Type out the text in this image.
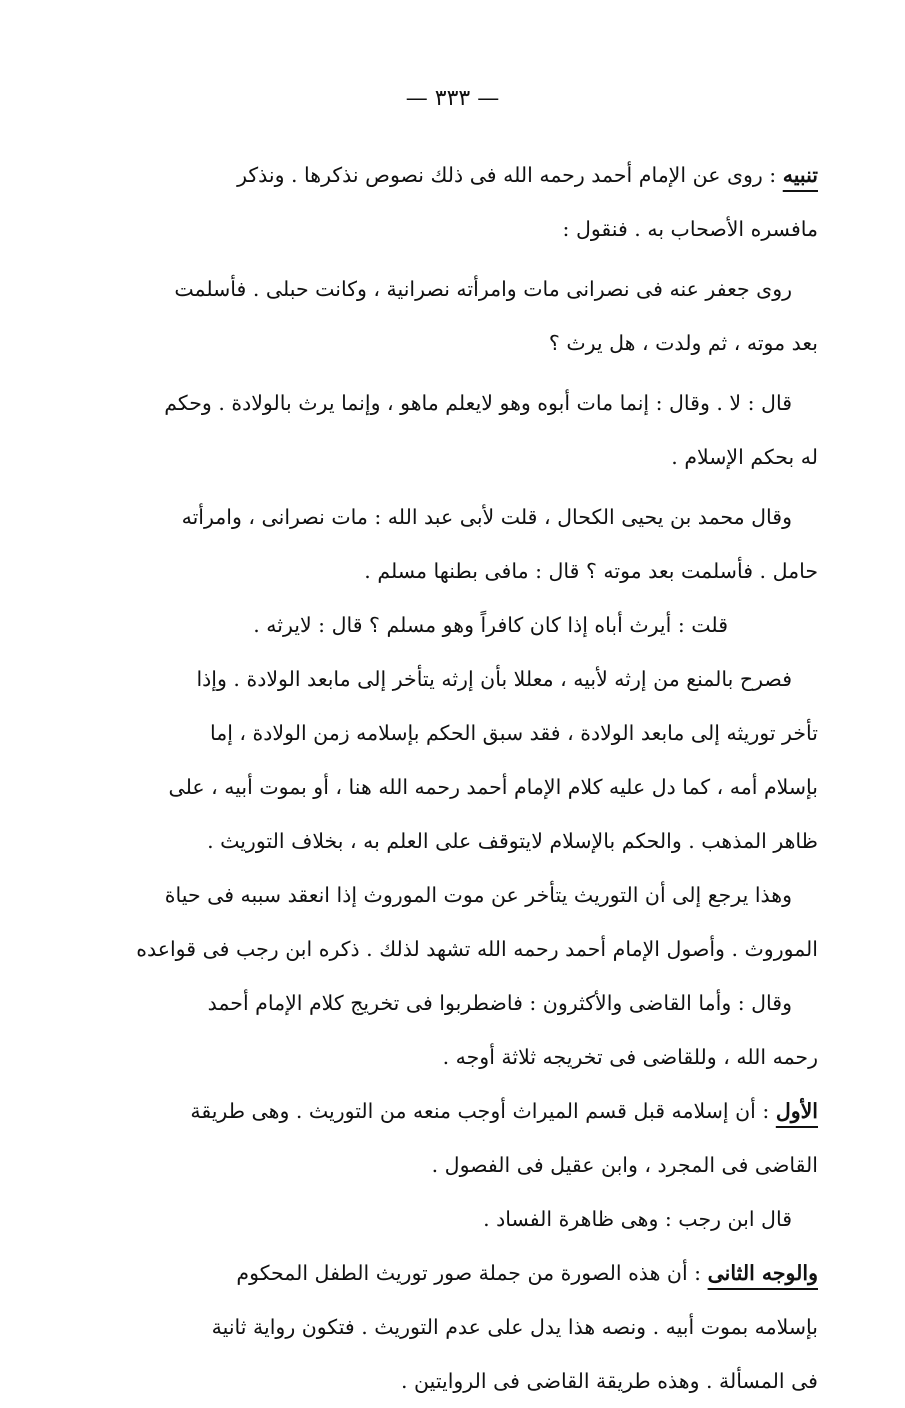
— ٣٣٣ —
تنبيه : روى عن الإمام أحمد رحمه الله فى ذلك نصوص نذكرها . ونذكر
مافسره الأصحاب به . فنقول :
روى جعفر عنه فى نصرانى مات وامرأته نصرانية ، وكانت حبلى . فأسلمت
بعد موته ، ثم ولدت ، هل يرث ؟
قال : لا . وقال : إنما مات أبوه وهو لايعلم ماهو ، وإنما يرث بالولادة . وحكم
له بحكم الإسلام .
وقال محمد بن يحيى الكحال ، قلت لأبى عبد الله : مات نصرانى ، وامرأته
حامل . فأسلمت بعد موته ؟ قال : مافى بطنها مسلم .
قلت : أيرث أباه إذا كان كافراً وهو مسلم ؟ قال : لايرثه .
فصرح بالمنع من إرثه لأبيه ، معللا بأن إرثه يتأخر إلى مابعد الولادة . وإذا
تأخر توريثه إلى مابعد الولادة ، فقد سبق الحكم بإسلامه زمن الولادة ، إما
بإسلام أمه ، كما دل عليه كلام الإمام أحمد رحمه الله هنا ، أو بموت أبيه ، على
ظاهر المذهب . والحكم بالإسلام لايتوقف على العلم به ، بخلاف التوريث .
وهذا يرجع إلى أن التوريث يتأخر عن موت الموروث إذا انعقد سببه فى حياة
الموروث . وأصول الإمام أحمد رحمه الله تشهد لذلك . ذكره ابن رجب فى قواعده
وقال : وأما القاضى والأكثرون : فاضطربوا فى تخريج كلام الإمام أحمد
رحمه الله ، وللقاضى فى تخريجه ثلاثة أوجه .
الأول : أن إسلامه قبل قسم الميراث أوجب منعه من التوريث . وهى طريقة
القاضى فى المجرد ، وابن عقيل فى الفصول .
قال ابن رجب : وهى ظاهرة الفساد .
والوجه الثانى : أن هذه الصورة من جملة صور توريث الطفل المحكوم
بإسلامه بموت أبيه . ونصه هذا يدل على عدم التوريث . فتكون رواية ثانية
فى المسألة . وهذه طريقة القاضى فى الروايتين .
